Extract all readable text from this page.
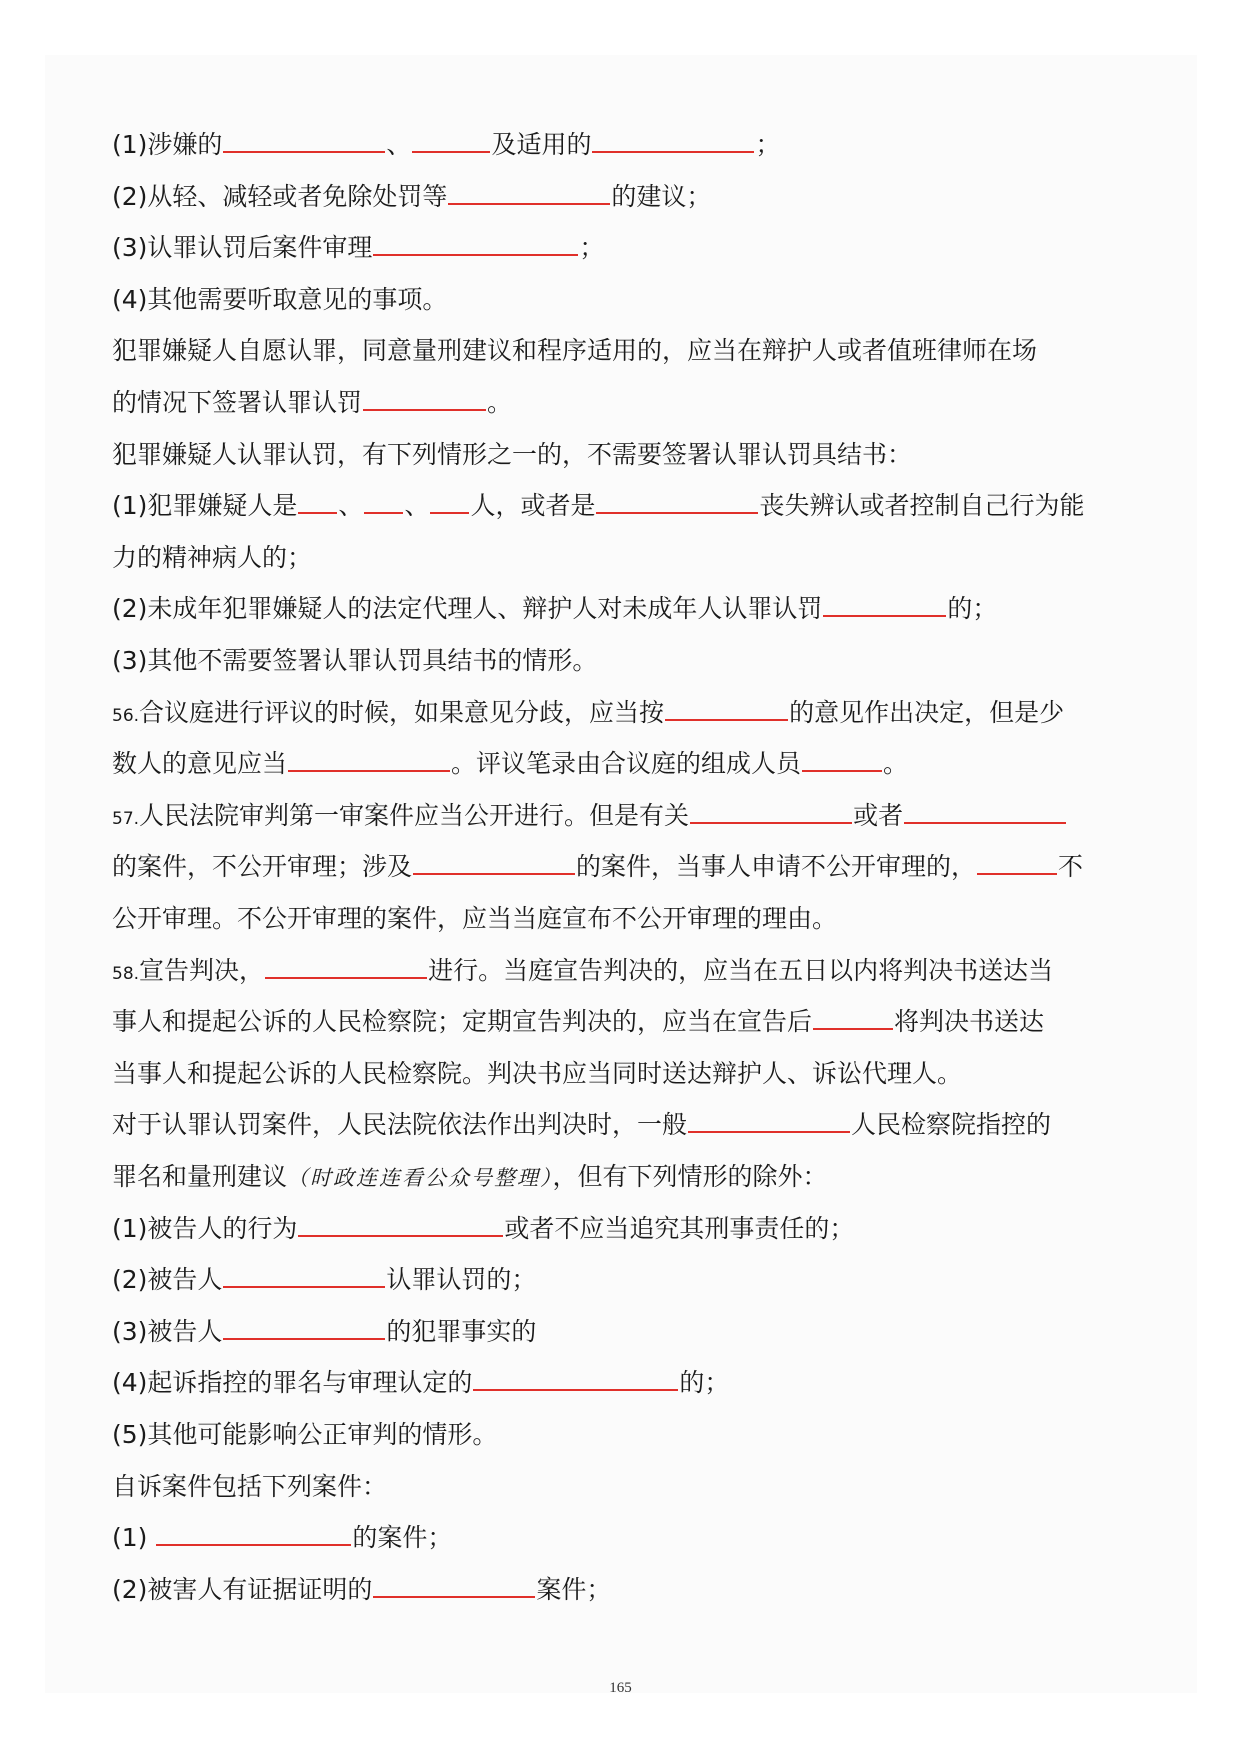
165
(1)涉嫌的	、	及适用的	；
(2)从轻、减轻或者免除处罚等	的建议；
(3)认罪认罚后案件审理	；
(4)其他需要听取意见的事项。
犯罪嫌疑人自愿认罪，同意量刑建议和程序适用的，应当在辩护人或者值班律师在场
的情况下签署认罪认罚	。
犯罪嫌疑人认罪认罚，有下列情形之一的，不需要签署认罪认罚具结书：
(1)犯罪嫌疑人是 、 、 人，或者是	丧失辨认或者控制自己行为能
力的精神病人的；
(2)未成年犯罪嫌疑人的法定代理人、辩护人对未成年人认罪认罚	的；
(3)其他不需要签署认罪认罚具结书的情形。
56.合议庭进行评议的时候，如果意见分歧，应当按	的意见作出决定，但是少
数人的意见应当	。评议笔录由合议庭的组成人员	。
57.人民法院审判第一审案件应当公开进行。但是有关	或者
的案件，不公开审理；涉及	的案件，当事人申请不公开审理的，	不
公开审理。不公开审理的案件，应当当庭宣布不公开审理的理由。
58.宣告判决，	进行。当庭宣告判决的，应当在五日以内将判决书送达当
事人和提起公诉的人民检察院；定期宣告判决的，应当在宣告后	将判决书送达
当事人和提起公诉的人民检察院。判决书应当同时送达辩护人、诉讼代理人。
对于认罪认罚案件，人民法院依法作出判决时，一般	人民检察院指控的
罪名和量刑建议（时政连连看公众号整理），但有下列情形的除外：
(1)被告人的行为	或者不应当追究其刑事责任的；
(2)被告人	认罪认罚的；
(3)被告人	的犯罪事实的
(4)起诉指控的罪名与审理认定的	的；
(5)其他可能影响公正审判的情形。
自诉案件包括下列案件：
(1)	的案件；
(2)被害人有证据证明的	案件；
